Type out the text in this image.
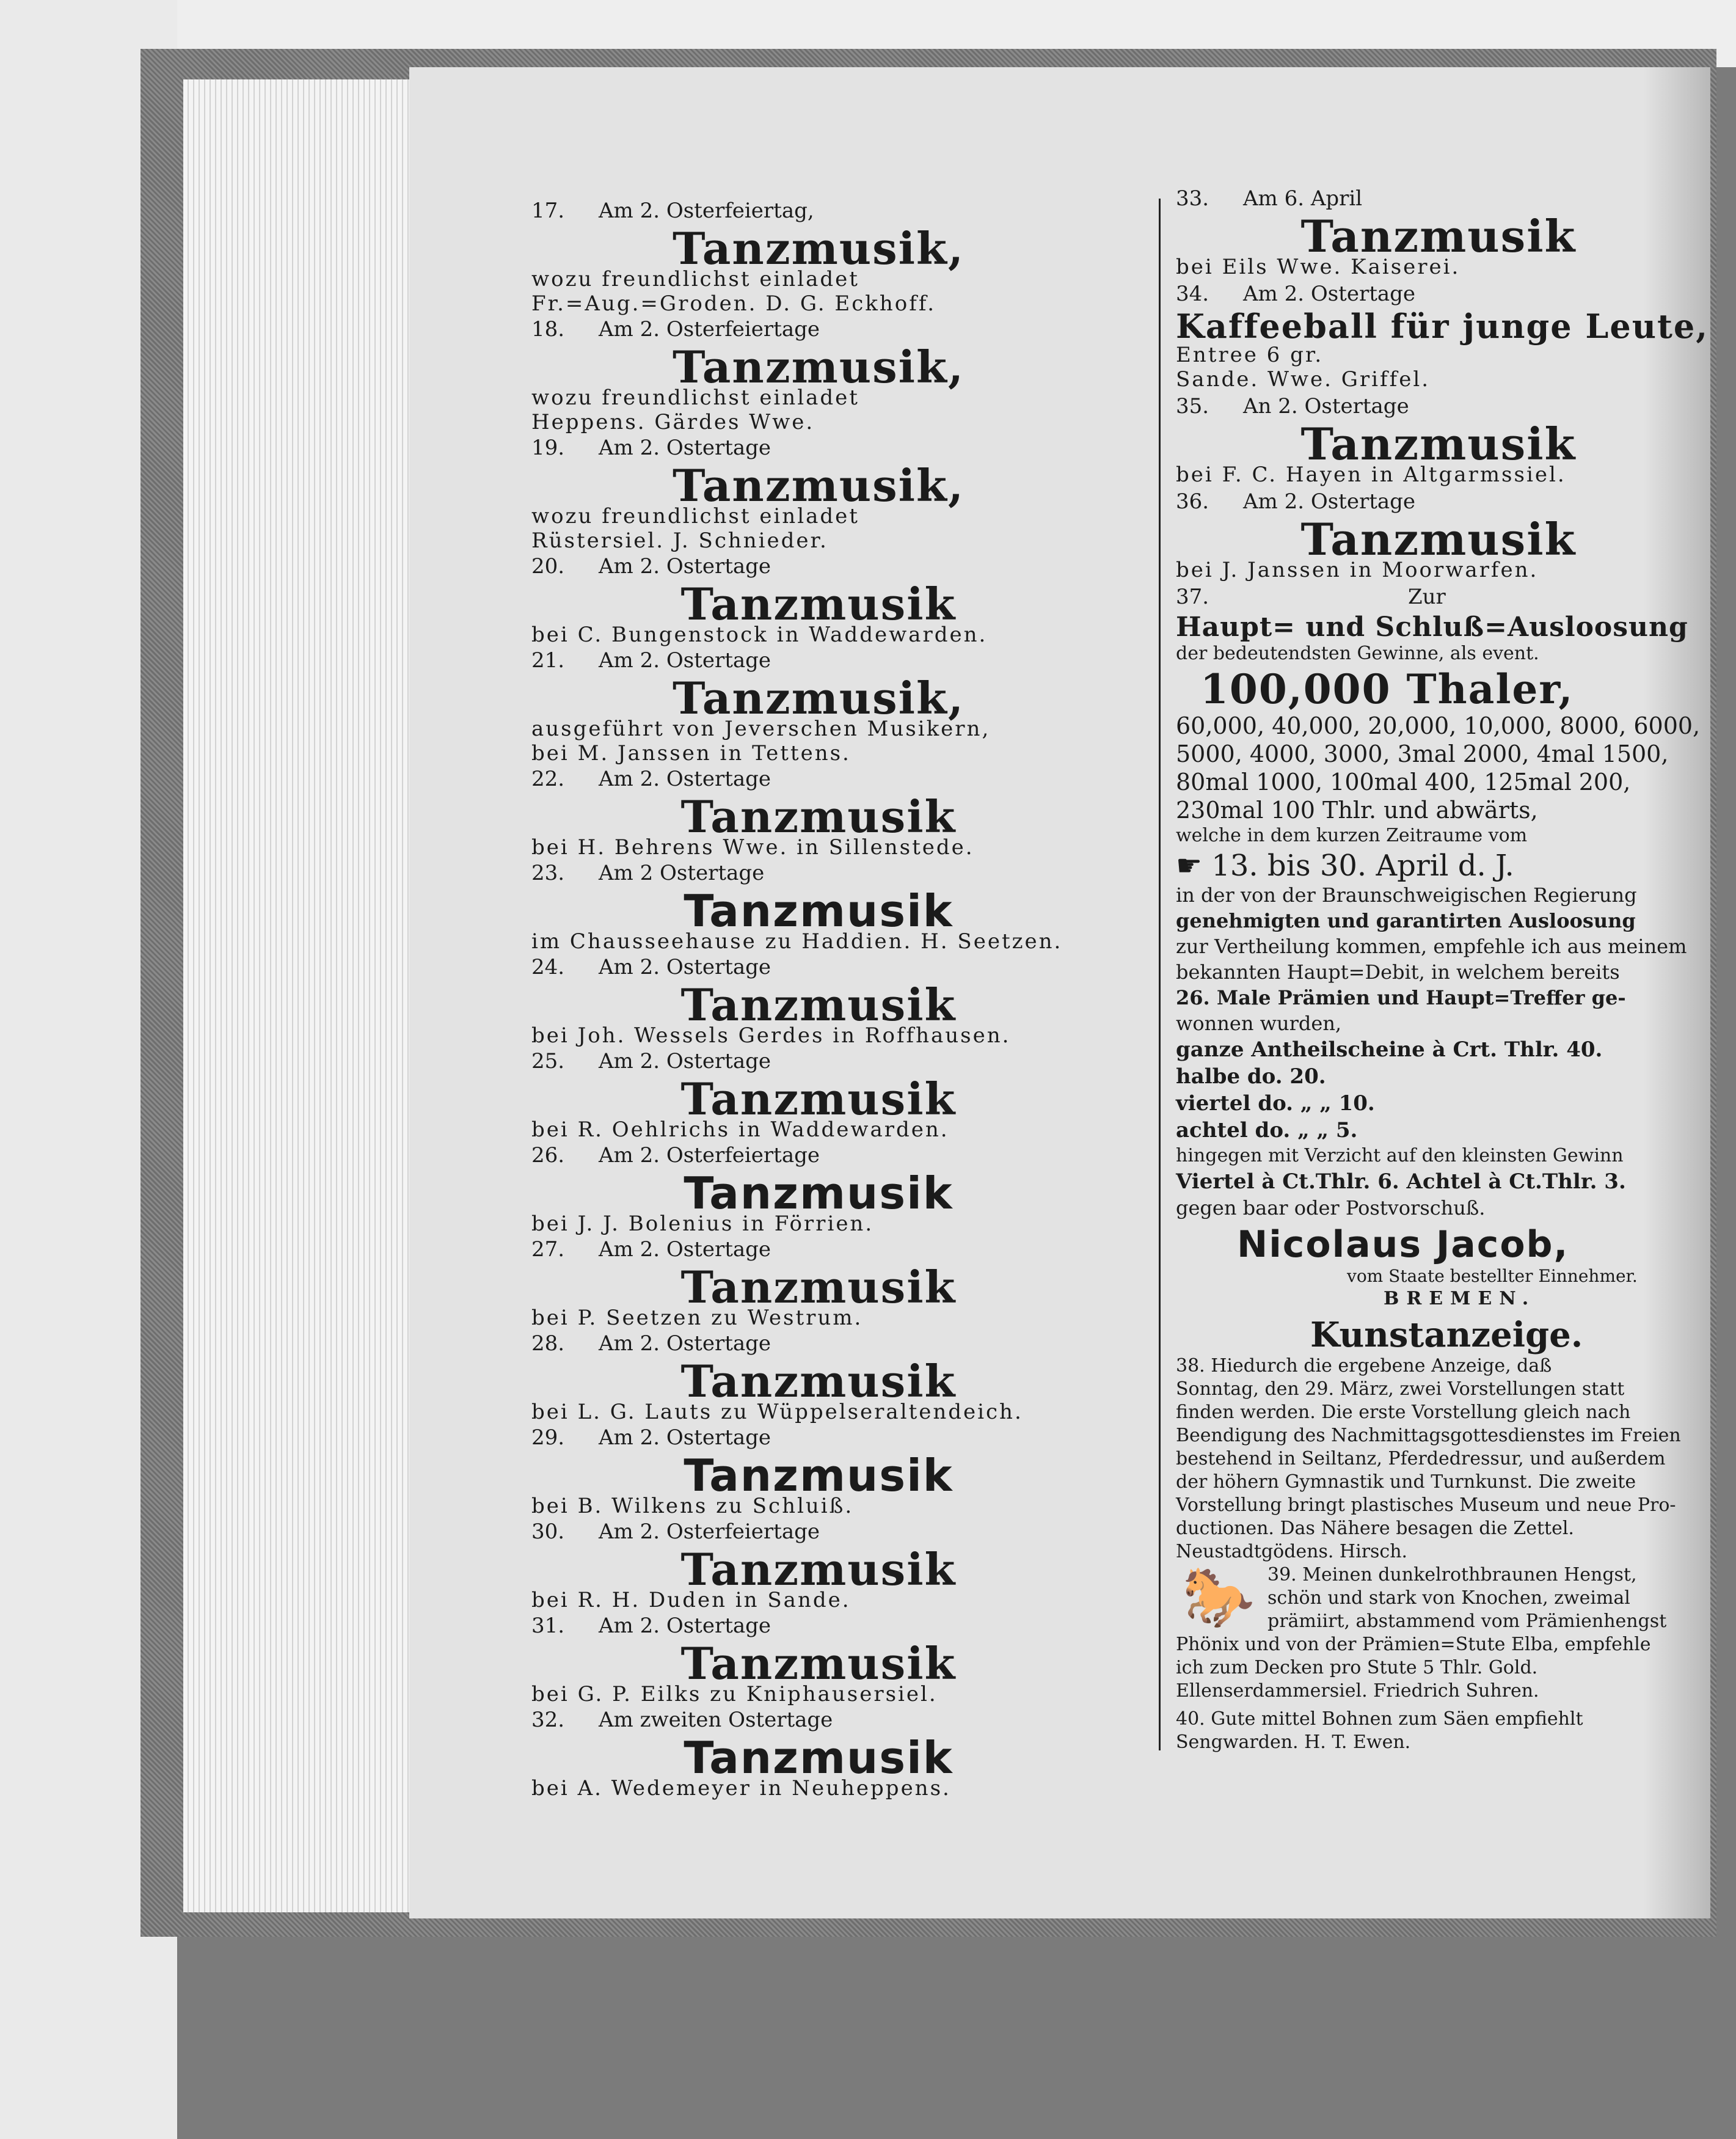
17. Am 2. Osterfeiertag,
Tanzmusik,
wozu freundlichst einladet
Fr.=Aug.=Groden. D. G. Eckhoff.
18. Am 2. Osterfeiertage
Tanzmusik,
wozu freundlichst einladet
Heppens. Gärdes Wwe.
19. Am 2. Ostertage
Tanzmusik,
wozu freundlichst einladet
Rüstersiel. J. Schnieder.
20. Am 2. Ostertage
Tanzmusik
bei C. Bungenstock in Waddewarden.
21. Am 2. Ostertage
Tanzmusik,
ausgeführt von Jeverschen Musikern,
bei M. Janssen in Tettens.
22. Am 2. Ostertage
Tanzmusik
bei H. Behrens Wwe. in Sillenstede.
23. Am 2 Ostertage
Tanzmusik
im Chausseehause zu Haddien. H. Seetzen.
24. Am 2. Ostertage
Tanzmusik
bei Joh. Wessels Gerdes in Roffhausen.
25. Am 2. Ostertage
Tanzmusik
bei R. Oehlrichs in Waddewarden.
26. Am 2. Osterfeiertage
Tanzmusik
bei J. J. Bolenius in Förrien.
27. Am 2. Ostertage
Tanzmusik
bei P. Seetzen zu Westrum.
28. Am 2. Ostertage
Tanzmusik
bei L. G. Lauts zu Wüppelseraltendeich.
29. Am 2. Ostertage
Tanzmusik
bei B. Wilkens zu Schluiß.
30. Am 2. Osterfeiertage
Tanzmusik
bei R. H. Duden in Sande.
31. Am 2. Ostertage
Tanzmusik
bei G. P. Eilks zu Kniphausersiel.
32. Am zweiten Ostertage
Tanzmusik
bei A. Wedemeyer in Neuheppens.
33. Am 6. April
Tanzmusik
bei Eils Wwe. Kaiserei.
34. Am 2. Ostertage
Kaffeeball für junge Leute,
Entree 6 gr.
Sande. Wwe. Griffel.
35. An 2. Ostertage
Tanzmusik
bei F. C. Hayen in Altgarmssiel.
36. Am 2. Ostertage
Tanzmusik
bei J. Janssen in Moorwarfen.
37.	Zur
Haupt= und Schluß=Ausloosung
der bedeutendsten Gewinne, als event.
100,000 Thaler,
60,000, 40,000, 20,000, 10,000, 8000, 6000,
5000, 4000, 3000, 3mal 2000, 4mal 1500,
80mal 1000, 100mal 400, 125mal 200,
230mal 100 Thlr. und abwärts,
welche in dem kurzen Zeitraume vom
☛ 13. bis 30. April d. J.
in der von der Braunschweigischen Regierung
genehmigten und garantirten Ausloosung
zur Vertheilung kommen, empfehle ich aus meinem
bekannten Haupt=Debit, in welchem bereits
26. Male Prämien und Haupt=Treffer ge-
wonnen wurden,
ganze Antheilscheine à Crt. Thlr. 40.
halbe do. 20.
viertel do. „ „ 10.
achtel do. „ „ 5.
hingegen mit Verzicht auf den kleinsten Gewinn
Viertel à Ct.Thlr. 6. Achtel à Ct.Thlr. 3.
gegen baar oder Postvorschuß.
Nicolaus Jacob,
vom Staate bestellter Einnehmer.
BREMEN.
Kunstanzeige.
38. Hiedurch die ergebene Anzeige, daß
Sonntag, den 29. März, zwei Vorstellungen statt
finden werden. Die erste Vorstellung gleich nach
Beendigung des Nachmittagsgottesdienstes im Freien
bestehend in Seiltanz, Pferdedressur, und außerdem
der höhern Gymnastik und Turnkunst. Die zweite
Vorstellung bringt plastisches Museum und neue Pro-
ductionen. Das Nähere besagen die Zettel.
Neustadtgödens. Hirsch.
🐎 39. Meinen dunkelrothbraunen Hengst,
schön und stark von Knochen, zweimal
prämiirt, abstammend vom Prämienhengst
Phönix und von der Prämien=Stute Elba, empfehle
ich zum Decken pro Stute 5 Thlr. Gold.
Ellenserdammersiel. Friedrich Suhren.
40. Gute mittel Bohnen zum Säen empfiehlt
Sengwarden. H. T. Ewen.
